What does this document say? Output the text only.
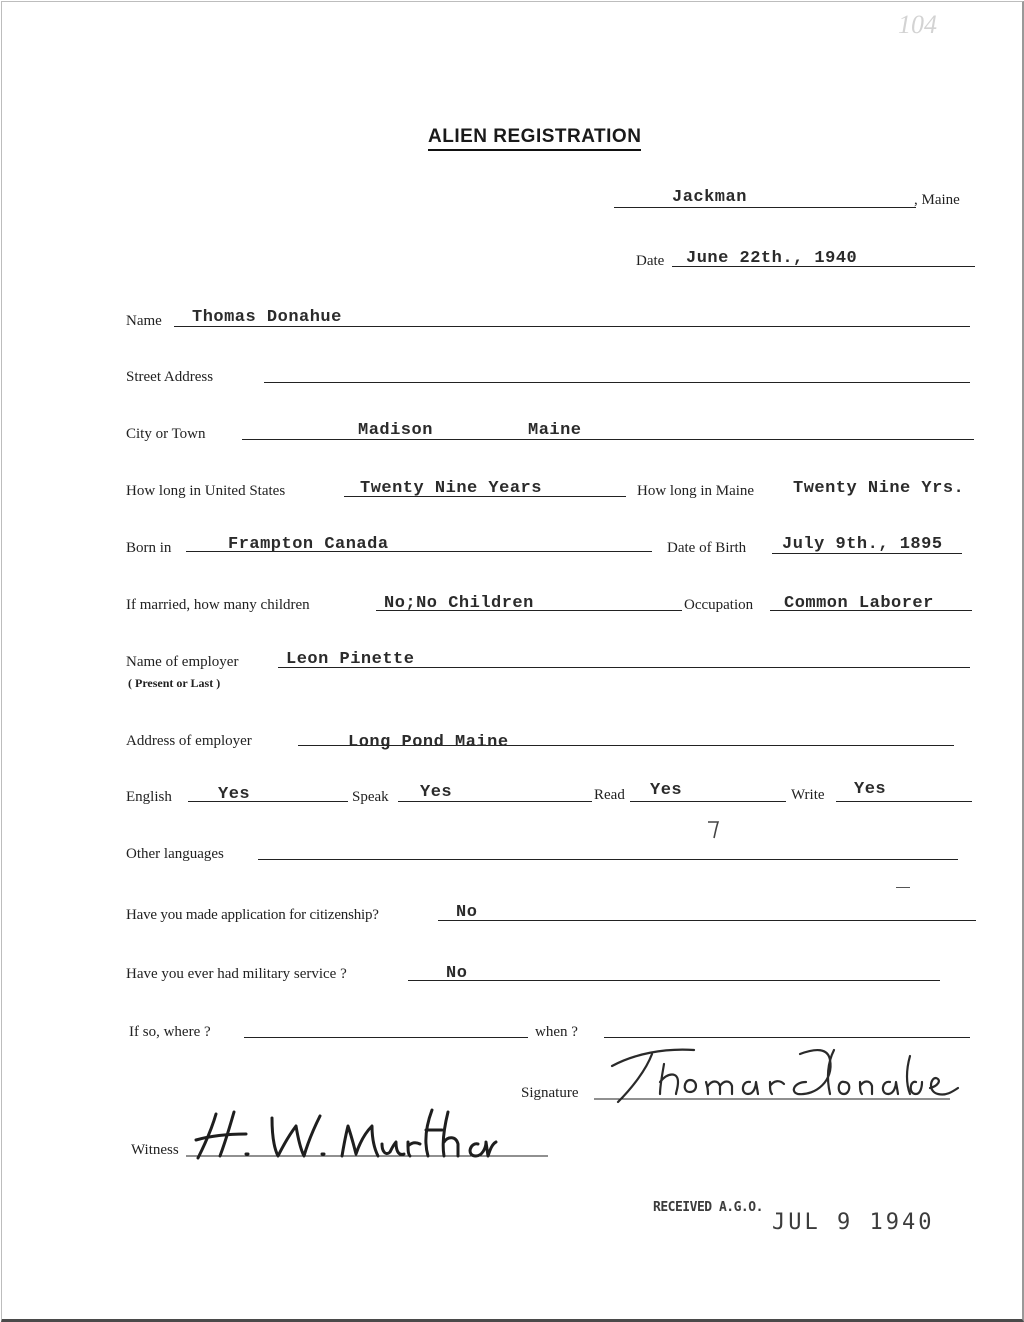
104
ALIEN REGISTRATION
Jackman	, Maine
Date June 22th., 1940
Name Thomas Donahue
Street Address
City or Town	Madison	Maine
How long in United States	Twenty Nine Years	How long in Maine Twenty Nine Yrs.
Born in	Frampton Canada	Date of Birth July 9th., 1895
If married, how many children	No;No Children	Occupation Common Laborer
Name of employer
( Present or Last )
Leon Pinette
Address of employer	Long Pond Maine
English	Yes	Speak Yes	Read Yes	Write Yes
Other languages
Have you made application for citizenship?	No
Have you ever had military service ?	No
If so, where ?	when ?
Signature
Witness
RECEIVED A.G.O.
JUL 9 1940
